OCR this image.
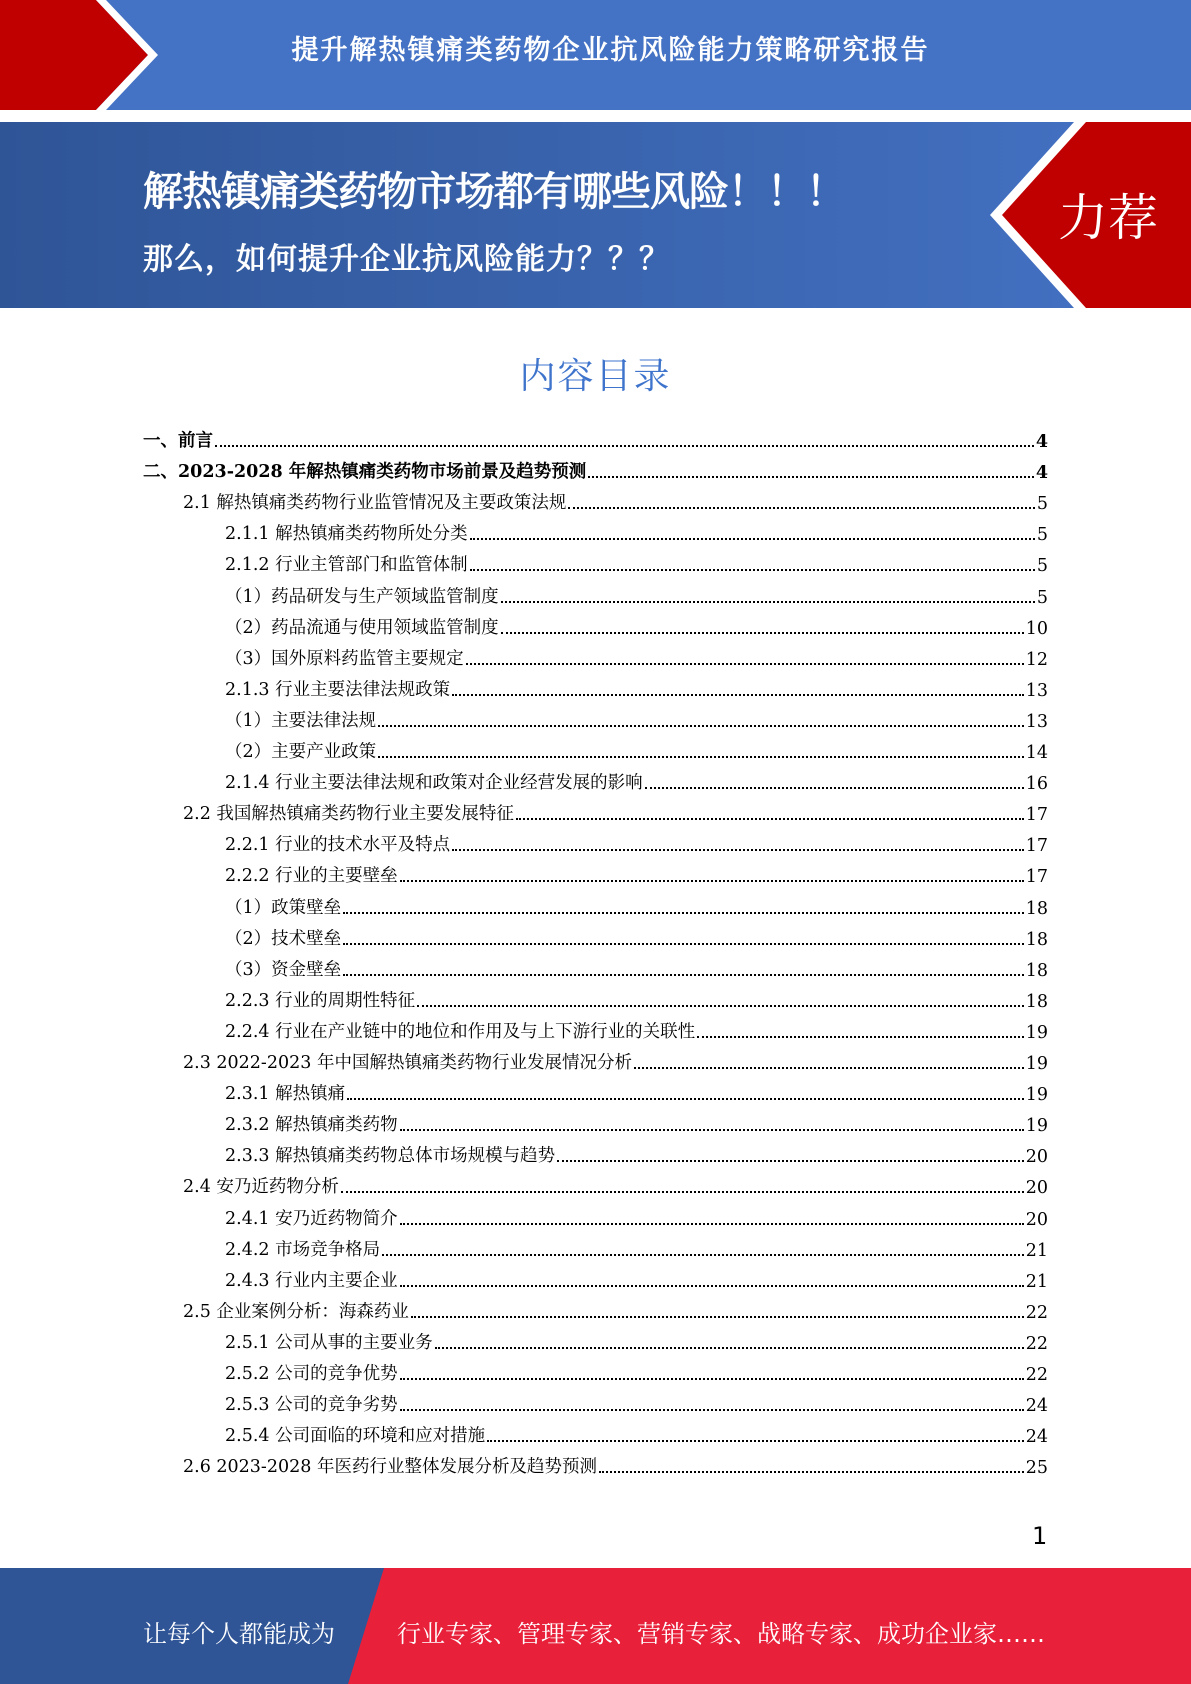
提升解热镇痛类药物企业抗风险能力策略研究报告
解热镇痛类药物市场都有哪些风险！！！
那么，如何提升企业抗风险能力？？？
力荐
内容目录
一、前言	4
二、2023-2028 年解热镇痛类药物市场前景及趋势预测	4
2.1 解热镇痛类药物行业监管情况及主要政策法规	5
2.1.1 解热镇痛类药物所处分类	5
2.1.2 行业主管部门和监管体制	5
（1）药品研发与生产领域监管制度	5
（2）药品流通与使用领域监管制度	10
（3）国外原料药监管主要规定	12
2.1.3 行业主要法律法规政策	13
（1）主要法律法规	13
（2）主要产业政策	14
2.1.4 行业主要法律法规和政策对企业经营发展的影响	16
2.2 我国解热镇痛类药物行业主要发展特征	17
2.2.1 行业的技术水平及特点	17
2.2.2 行业的主要壁垒	17
（1）政策壁垒	18
（2）技术壁垒	18
（3）资金壁垒	18
2.2.3 行业的周期性特征	18
2.2.4 行业在产业链中的地位和作用及与上下游行业的关联性	19
2.3 2022-2023 年中国解热镇痛类药物行业发展情况分析	19
2.3.1 解热镇痛	19
2.3.2 解热镇痛类药物	19
2.3.3 解热镇痛类药物总体市场规模与趋势	20
2.4 安乃近药物分析	20
2.4.1 安乃近药物简介	20
2.4.2 市场竞争格局	21
2.4.3 行业内主要企业	21
2.5 企业案例分析：海森药业	22
2.5.1 公司从事的主要业务	22
2.5.2 公司的竞争优势	22
2.5.3 公司的竞争劣势	24
2.5.4 公司面临的环境和应对措施	24
2.6 2023-2028 年医药行业整体发展分析及趋势预测	25
1
让每个人都能成为	行业专家、管理专家、营销专家、战略专家、成功企业家……
